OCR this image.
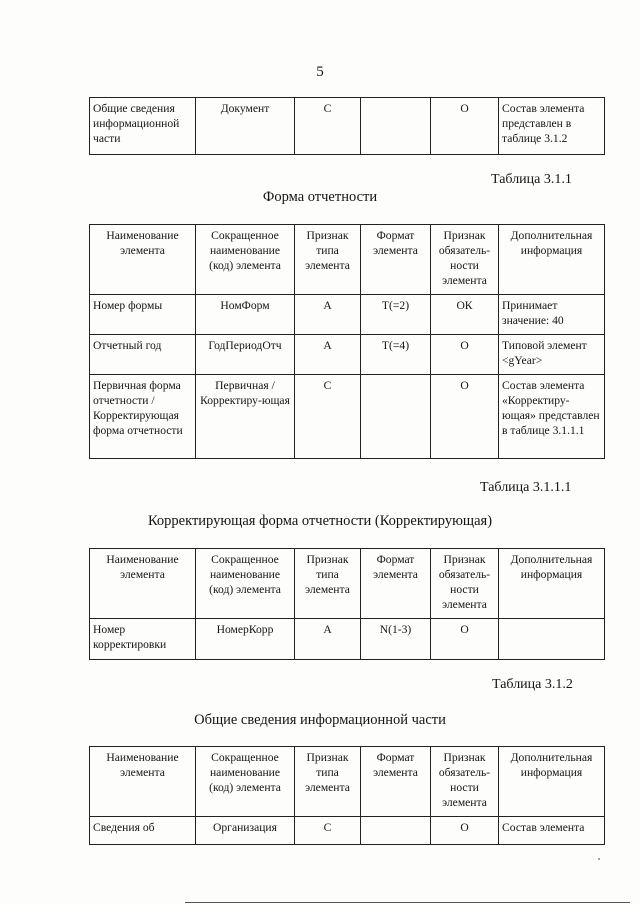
5
Общие сведения информационной части	Документ	С		О	Состав элемента представлен в таблице 3.1.2
Таблица 3.1.1
Форма отчетности
Наименование элемента	Сокращенное наименование (код) элемента	Признак типа элемента	Формат элемента	Признак обязатель-ности элемента	Дополнительная информация
Номер формы	НомФорм	А	Т(=2)	ОК	Принимает значение: 40
Отчетный год	ГодПериодОтч	А	Т(=4)	О	Типовой элемент <gYear>
Первичная форма отчетности / Корректирующая форма отчетности	Первичная / Корректиру-ющая	С		О	Состав элемента «Корректиру-ющая» представлен в таблице 3.1.1.1
Таблица 3.1.1.1
Корректирующая форма отчетности (Корректирующая)
Наименование элемента	Сокращенное наименование (код) элемента	Признак типа элемента	Формат элемента	Признак обязатель-ности элемента	Дополнительная информация
Номер корректировки	НомерКорр	А	N(1-3)	О	
Таблица 3.1.2
Общие сведения информационной части
Наименование элемента	Сокращенное наименование (код) элемента	Признак типа элемента	Формат элемента	Признак обязатель-ности элемента	Дополнительная информация
Сведения об	Организация	С		О	Состав элемента
